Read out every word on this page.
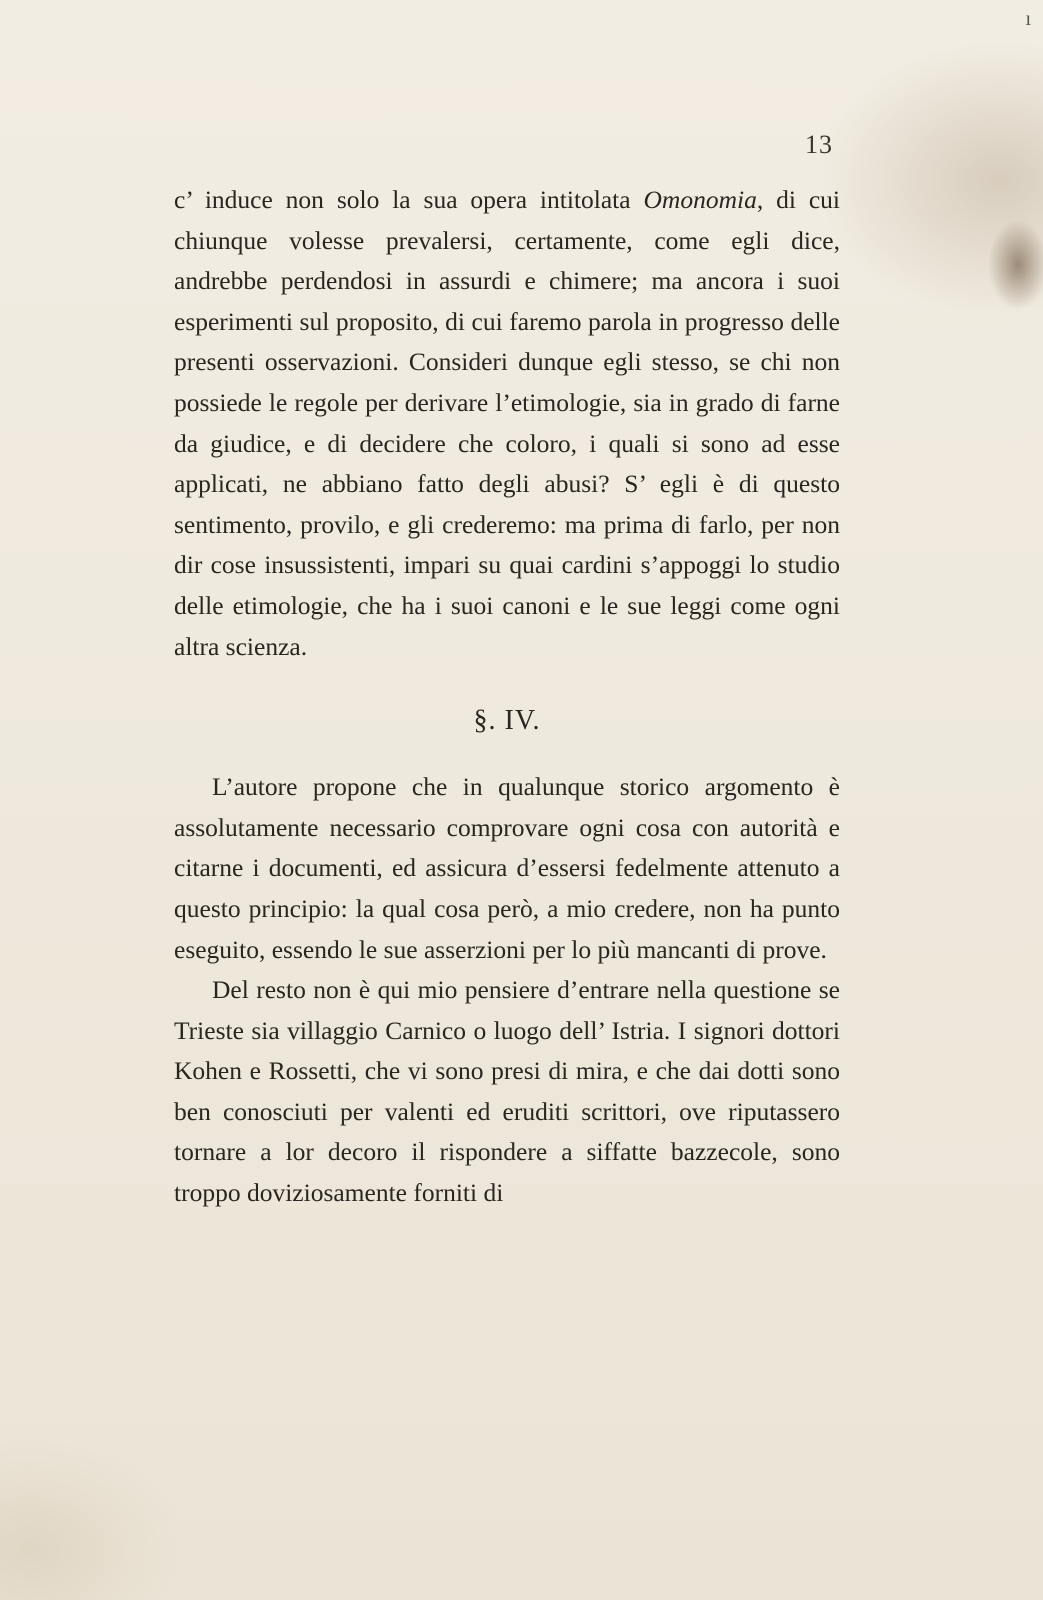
ı
13

c’ induce non solo la sua opera intitolata Omonomia, di cui chiunque volesse prevalersi, certamente, come egli dice, andrebbe perdendosi in assurdi e chimere; ma ancora i suoi esperimenti sul proposito, di cui faremo parola in progresso delle presenti osservazioni. Consideri dunque egli stesso, se chi non possiede le regole per derivare l’etimologie, sia in grado di farne da giudice, e di decidere che coloro, i quali si sono ad esse applicati, ne abbiano fatto degli abusi? S’ egli è di questo sentimento, provilo, e gli crederemo: ma prima di farlo, per non dir cose insussistenti, impari su quai cardini s’appoggi lo studio delle etimologie, che ha i suoi canoni e le sue leggi come ogni altra scienza.

§. IV.

L’autore propone che in qualunque storico argomento è assolutamente necessario comprovare ogni cosa con autorità e citarne i documenti, ed assicura d’essersi fedelmente attenuto a questo principio: la qual cosa però, a mio credere, non ha punto eseguito, essendo le sue asserzioni per lo più mancanti di prove.

Del resto non è qui mio pensiere d’entrare nella questione se Trieste sia villaggio Carnico o luogo dell’ Istria. I signori dottori Kohen e Rossetti, che vi sono presi di mira, e che dai dotti sono ben conosciuti per valenti ed eruditi scrittori, ove riputassero tornare a lor decoro il rispondere a siffatte bazzecole, sono troppo doviziosamente forniti di
